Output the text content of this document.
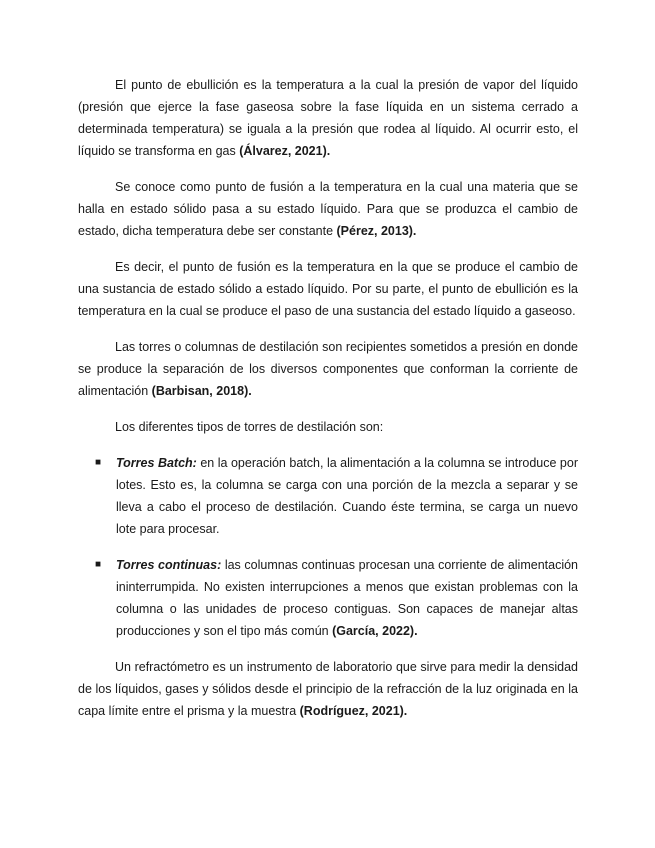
El punto de ebullición es la temperatura a la cual la presión de vapor del líquido (presión que ejerce la fase gaseosa sobre la fase líquida en un sistema cerrado a determinada temperatura) se iguala a la presión que rodea al líquido. Al ocurrir esto, el líquido se transforma en gas (Álvarez, 2021).

Se conoce como punto de fusión a la temperatura en la cual una materia que se halla en estado sólido pasa a su estado líquido. Para que se produzca el cambio de estado, dicha temperatura debe ser constante (Pérez, 2013).

Es decir, el punto de fusión es la temperatura en la que se produce el cambio de una sustancia de estado sólido a estado líquido. Por su parte, el punto de ebullición es la temperatura en la cual se produce el paso de una sustancia del estado líquido a gaseoso.

Las torres o columnas de destilación son recipientes sometidos a presión en donde se produce la separación de los diversos componentes que conforman la corriente de alimentación (Barbisan, 2018).

Los diferentes tipos de torres de destilación son:

■ Torres Batch: en la operación batch, la alimentación a la columna se introduce por lotes. Esto es, la columna se carga con una porción de la mezcla a separar y se lleva a cabo el proceso de destilación. Cuando éste termina, se carga un nuevo lote para procesar.
■ Torres continuas: las columnas continuas procesan una corriente de alimentación ininterrumpida. No existen interrupciones a menos que existan problemas con la columna o las unidades de proceso contiguas. Son capaces de manejar altas producciones y son el tipo más común (García, 2022).

Un refractómetro es un instrumento de laboratorio que sirve para medir la densidad de los líquidos, gases y sólidos desde el principio de la refracción de la luz originada en la capa límite entre el prisma y la muestra (Rodríguez, 2021).
